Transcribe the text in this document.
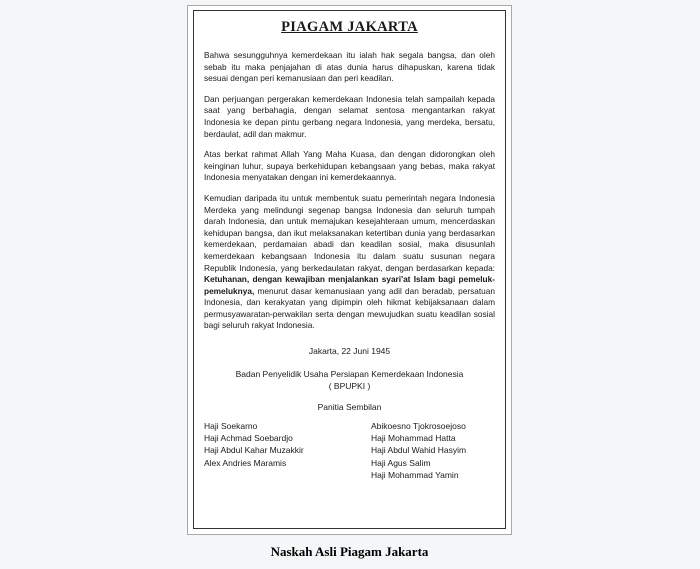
PIAGAM JAKARTA

Bahwa sesungguhnya kemerdekaan itu ialah hak segala bangsa, dan oleh sebab itu maka penjajahan di atas dunia harus dihapuskan, karena tidak sesuai dengan peri kemanusiaan dan peri keadilan.

Dan perjuangan pergerakan kemerdekaan Indonesia telah sampailah kepada saat yang berbahagia, dengan selamat sentosa mengantarkan rakyat Indonesia ke depan pintu gerbang negara Indonesia, yang merdeka, bersatu, berdaulat, adil dan makmur.

Atas berkat rahmat Allah Yang Maha Kuasa, dan dengan didorongkan oleh keinginan luhur, supaya berkehidupan kebangsaan yang bebas, maka rakyat Indonesia menyatakan dengan ini kemerdekaannya.

Kemudian daripada itu untuk membentuk suatu pemerintah negara Indonesia Merdeka yang melindungi segenap bangsa Indonesia dan seluruh tumpah darah Indonesia, dan untuk memajukan kesejahteraan umum, mencerdaskan kehidupan bangsa, dan ikut melaksanakan ketertiban dunia yang berdasarkan kemerdekaan, perdamaian abadi dan keadilan sosial, maka disusunlah kemerdekaan kebangsaan Indonesia itu dalam suatu susunan negara Republik Indonesia, yang berkedaulatan rakyat, dengan berdasarkan kepada: Ketuhanan, dengan kewajiban menjalankan syari'at Islam bagi pemeluk-pemeluknya, menurut dasar kemanusiaan yang adil dan beradab, persatuan Indonesia, dan kerakyatan yang dipimpin oleh hikmat kebijaksanaan dalam permusyawaratan-perwakilan serta dengan mewujudkan suatu keadilan sosial bagi seluruh rakyat Indonesia.

Jakarta, 22 Juni 1945
Badan Penyelidik Usaha Persiapan Kemerdekaan Indonesia
( BPUPKI )
Panitia Sembilan
Haji Soekarno
Haji Achmad Soebardjo
Haji Abdul Kahar Muzakkir
Alex Andries Maramis
Abikoesno Tjokrosoejoso
Haji Mohammad Hatta
Haji Abdul Wahid Hasyim
Haji Agus Salim
Haji Mohammad Yamin
Naskah Asli Piagam Jakarta
